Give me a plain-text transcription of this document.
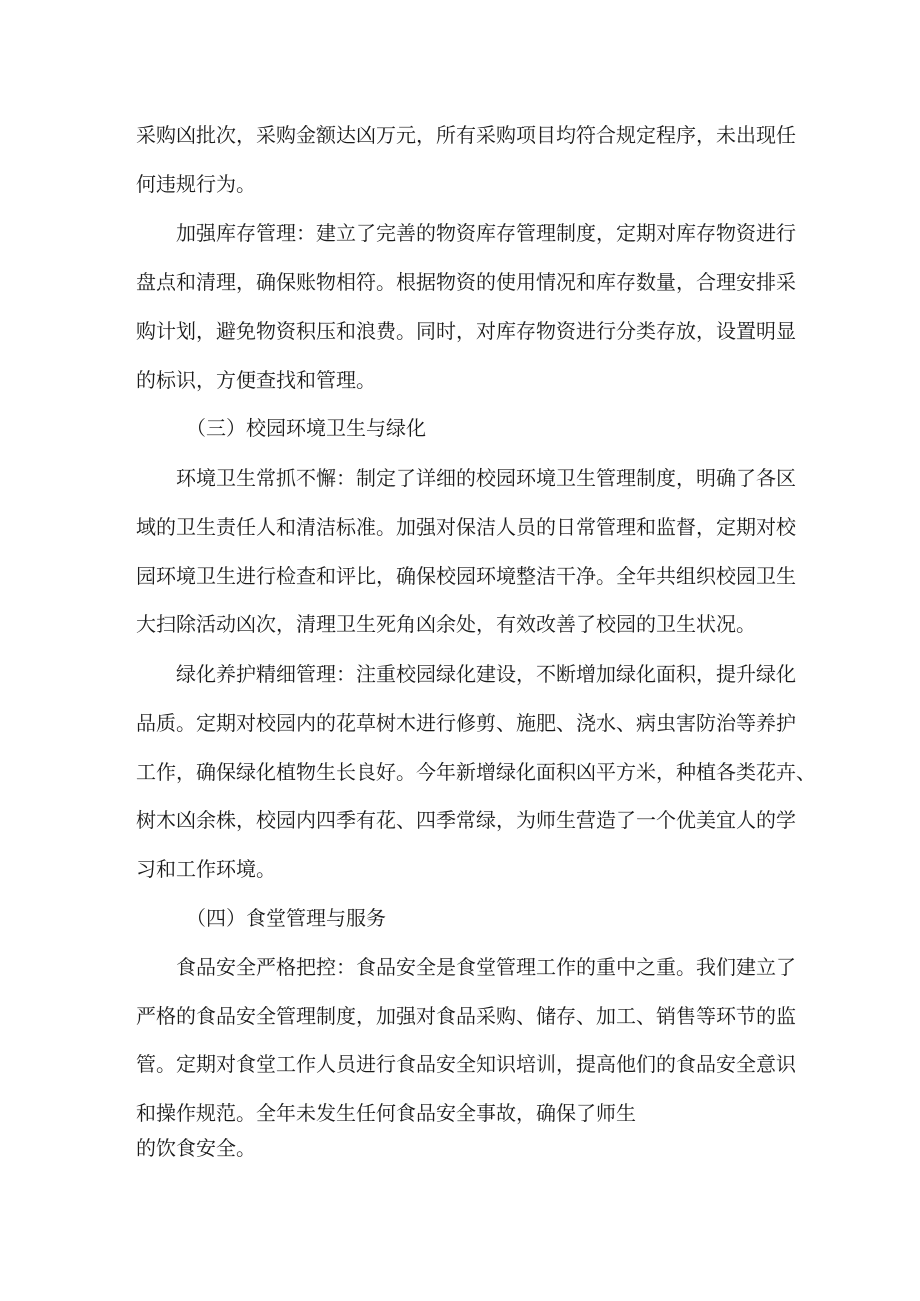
采购凶批次，采购金额达凶万元，所有采购项目均符合规定程序，未出现任
何违规行为。
加强库存管理：建立了完善的物资库存管理制度，定期对库存物资进行
盘点和清理，确保账物相符。根据物资的使用情况和库存数量，合理安排采
购计划，避免物资积压和浪费。同时，对库存物资进行分类存放，设置明显
的标识，方便查找和管理。
（三）校园环境卫生与绿化
环境卫生常抓不懈：制定了详细的校园环境卫生管理制度，明确了各区
域的卫生责任人和清洁标准。加强对保洁人员的日常管理和监督，定期对校
园环境卫生进行检查和评比，确保校园环境整洁干净。全年共组织校园卫生
大扫除活动凶次，清理卫生死角凶余处，有效改善了校园的卫生状况。
绿化养护精细管理：注重校园绿化建设，不断增加绿化面积，提升绿化
品质。定期对校园内的花草树木进行修剪、施肥、浇水、病虫害防治等养护
工作，确保绿化植物生长良好。今年新增绿化面积凶平方米，种植各类花卉、
树木凶余株，校园内四季有花、四季常绿，为师生营造了一个优美宜人的学
习和工作环境。
（四）食堂管理与服务
食品安全严格把控：食品安全是食堂管理工作的重中之重。我们建立了
严格的食品安全管理制度，加强对食品采购、储存、加工、销售等环节的监
管。定期对食堂工作人员进行食品安全知识培训，提高他们的食品安全意识
和操作规范。全年未发生任何食品安全事故，确保了师生
的饮食安全。
